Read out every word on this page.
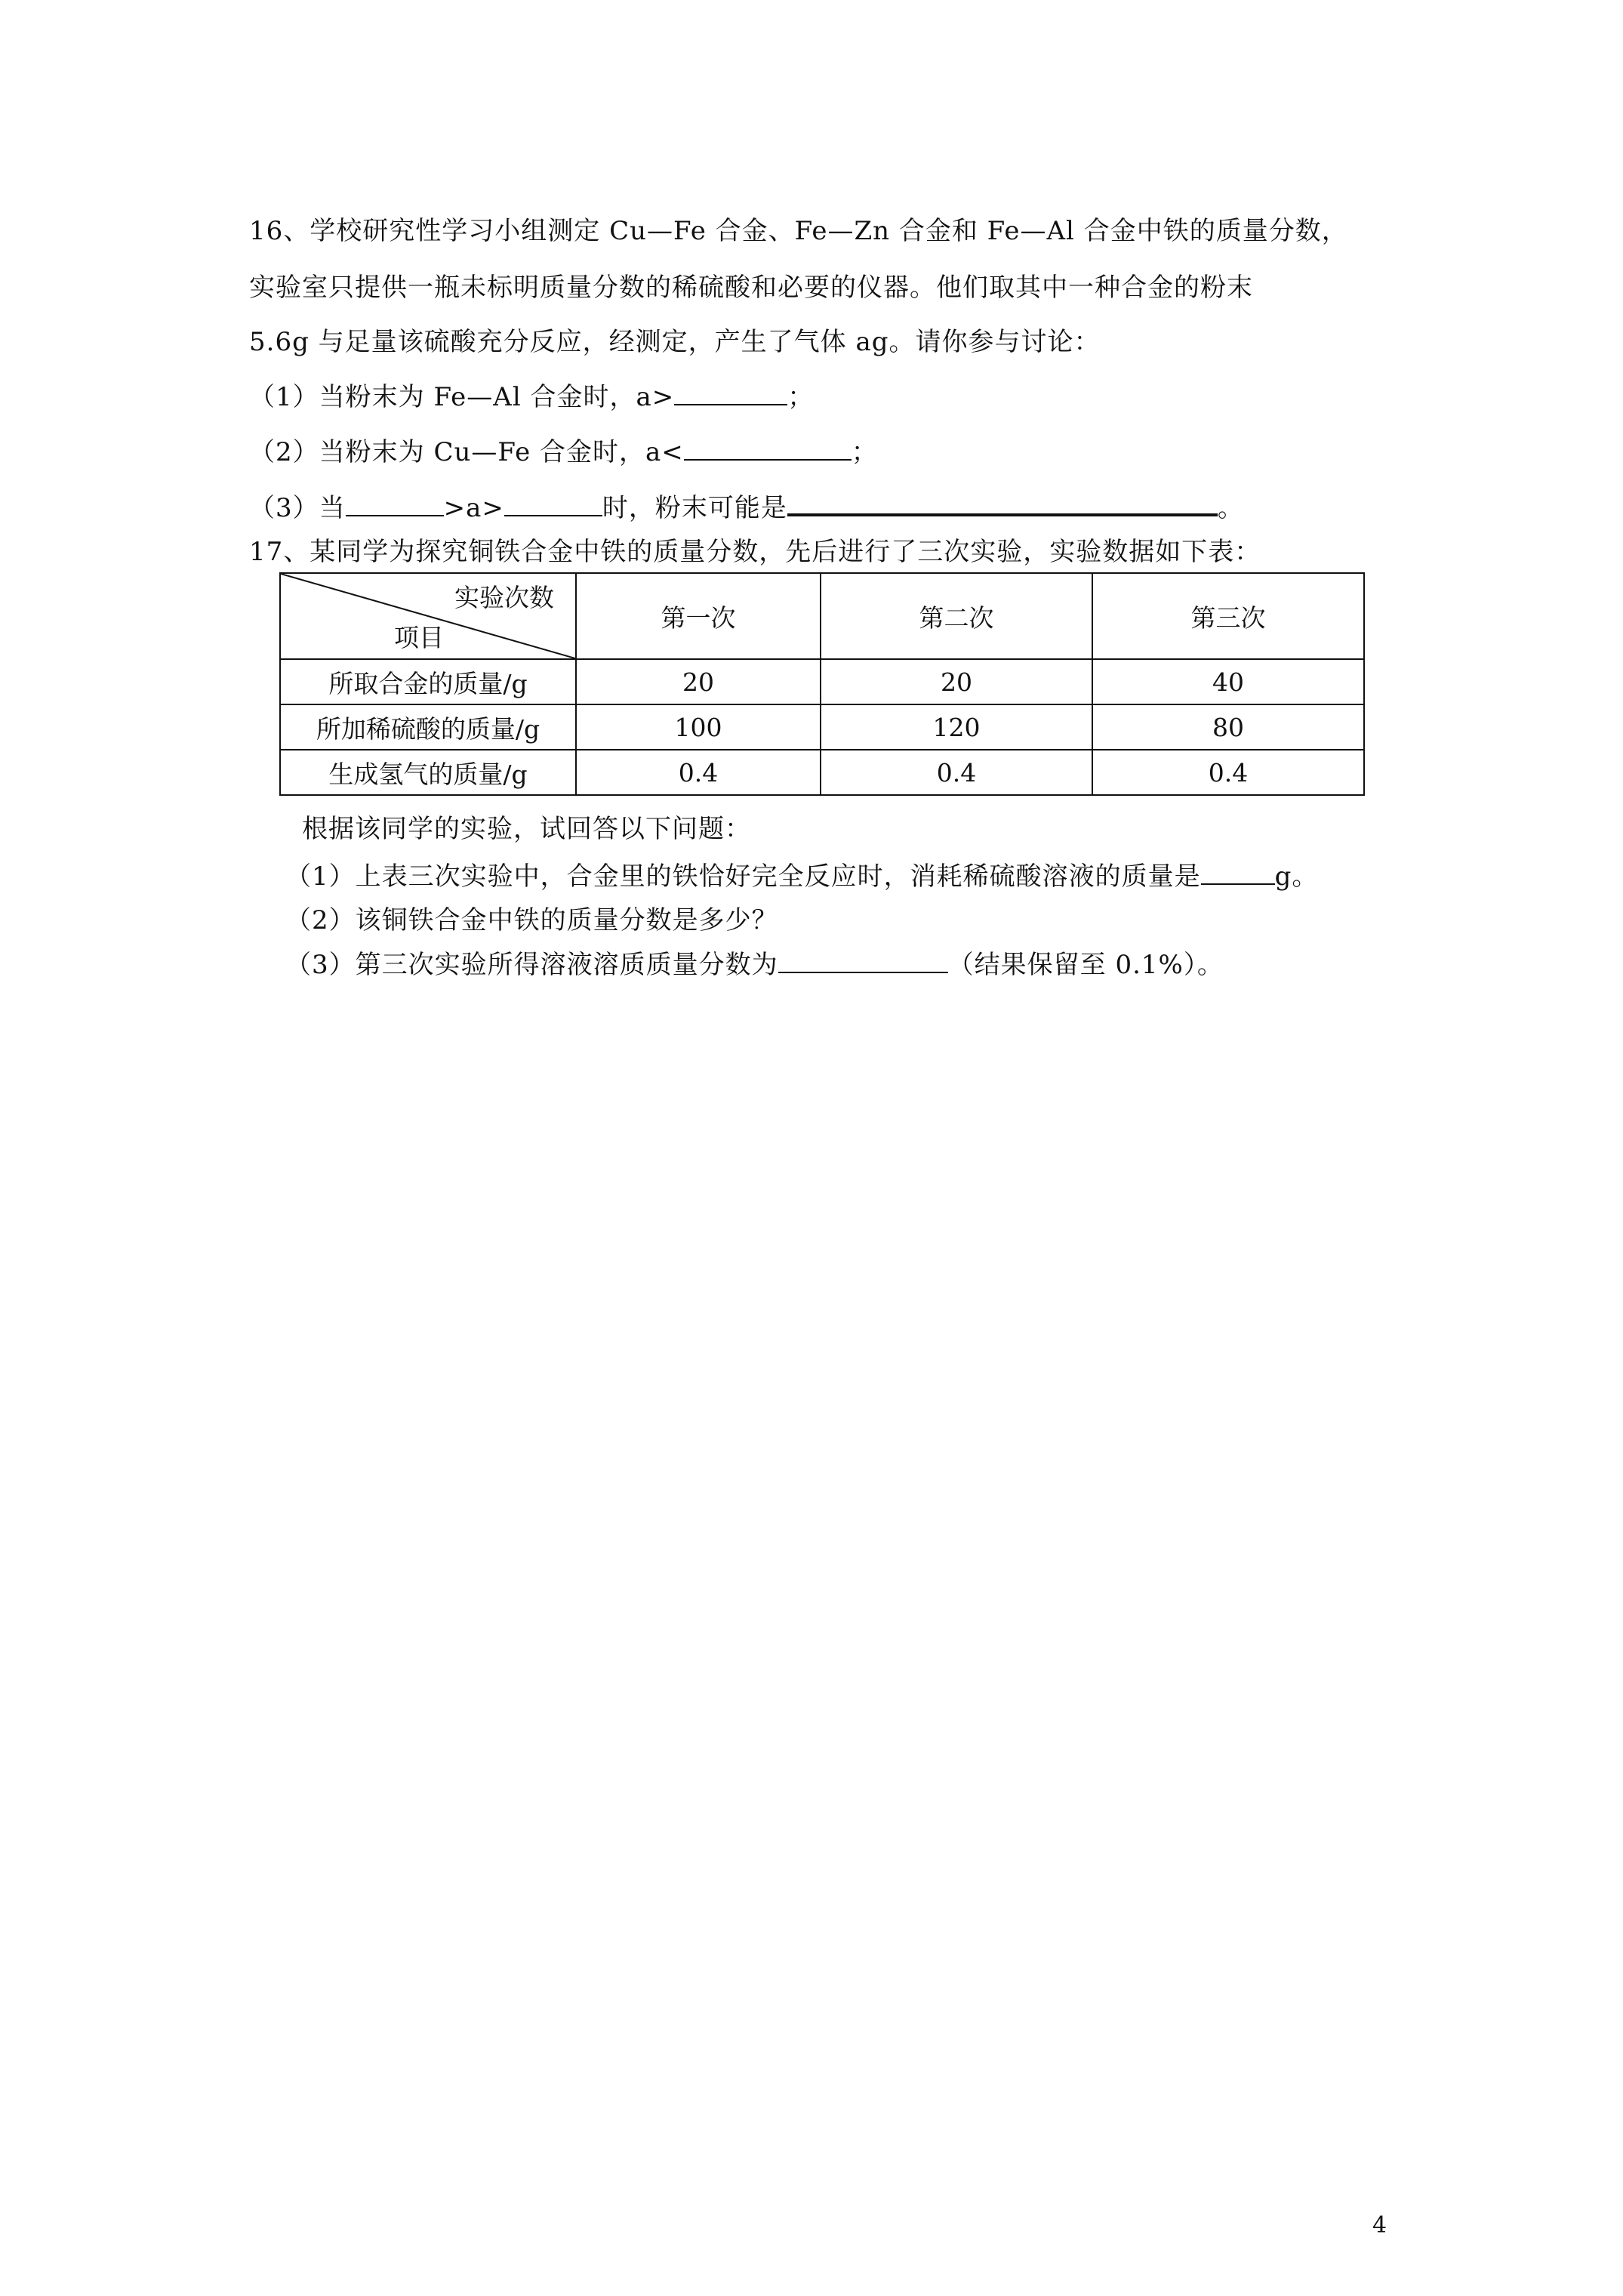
16、学校研究性学习小组测定 Cu—Fe 合金、Fe—Zn 合金和 Fe—Al 合金中铁的质量分数，
实验室只提供一瓶未标明质量分数的稀硫酸和必要的仪器。他们取其中一种合金的粉末
5.6g 与足量该硫酸充分反应，经测定，产生了气体 ag。请你参与讨论：
（1）当粉末为 Fe—Al 合金时，a>	；
（2）当粉末为 Cu—Fe 合金时，a<	；
（3）当	>a>	时，粉末可能是	。
17、某同学为探究铜铁合金中铁的质量分数，先后进行了三次实验，实验数据如下表：
实验次数
项目	第一次	第二次	第三次
所取合金的质量/g	20	20	40
所加稀硫酸的质量/g	100	120	80
生成氢气的质量/g	0.4	0.4	0.4
根据该同学的实验，试回答以下问题：
（1）上表三次实验中，合金里的铁恰好完全反应时，消耗稀硫酸溶液的质量是	g。
（2）该铜铁合金中铁的质量分数是多少？
（3）第三次实验所得溶液溶质质量分数为	（结果保留至 0.1%）。
4
